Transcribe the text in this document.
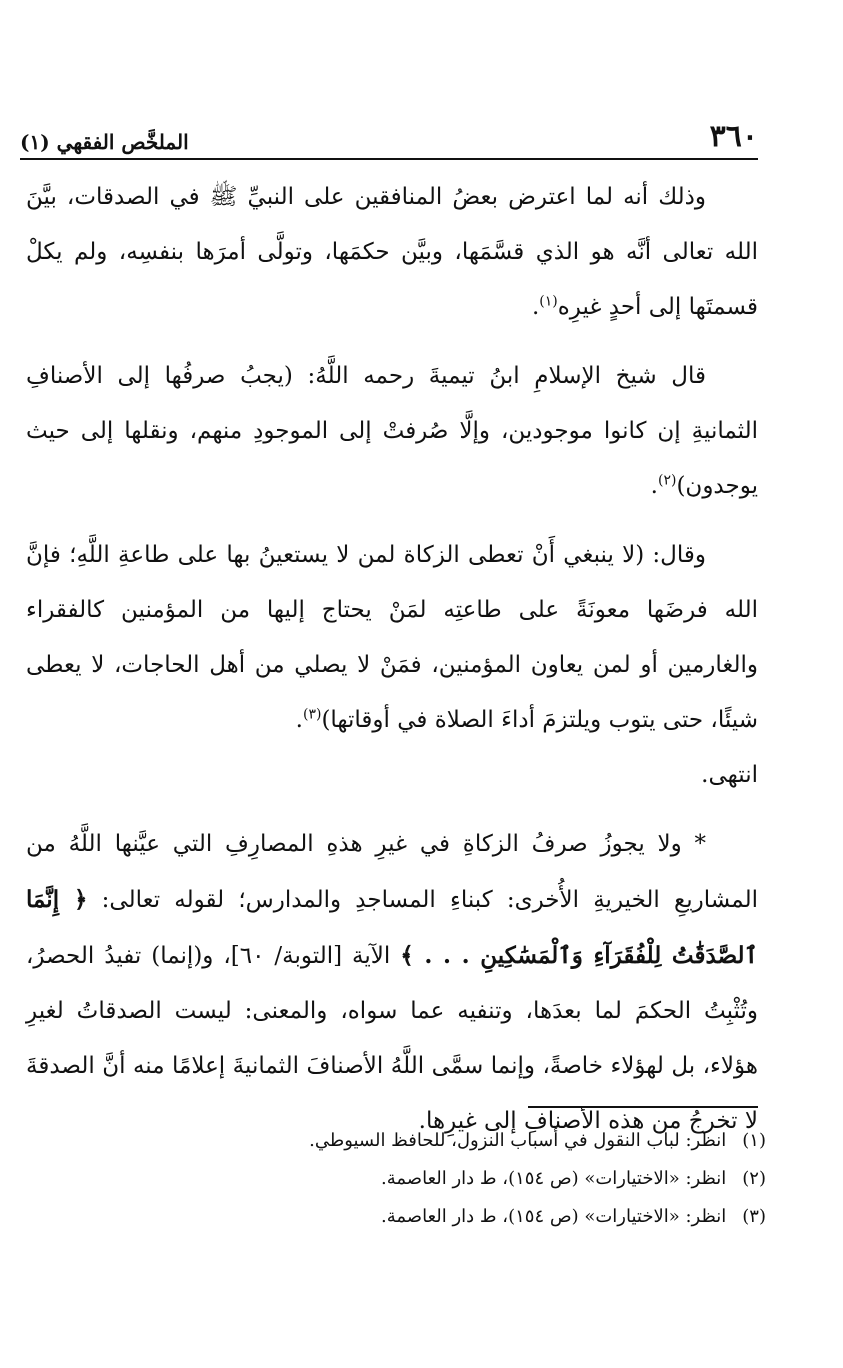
٣٦٠
الملخَّص الفقهي (١)

وذلك أنه لما اعترض بعضُ المنافقين على النبيِّ ﷺ في الصدقات، بيَّنَ الله تعالى أنَّه هو الذي قسَّمَها، وبيَّن حكمَها، وتولَّى أمرَها بنفسِه، ولم يكلْ قسمتَها إلى أحدٍ غيرِه$^{(١)}$.

قال شيخ الإسلامِ ابنُ تيميةَ رحمه اللَّهُ: (يجبُ صرفُها إلى الأصنافِ الثمانيةِ إن كانوا موجودين، وإلَّا صُرفتْ إلى الموجودِ منهم، ونقلها إلى حيث يوجدون)$^{(٢)}$.

وقال: (لا ينبغي أَنْ تعطى الزكاة لمن لا يستعينُ بها على طاعةِ اللَّهِ؛ فإنَّ الله فرضَها معونَةً على طاعتِه لمَنْ يحتاج إليها من المؤمنين كالفقراء والغارمين أو لمن يعاون المؤمنين، فمَنْ لا يصلي من أهل الحاجات، لا يعطى شيئًا، حتى يتوب ويلتزمَ أداءَ الصلاة في أوقاتها)$^{(٣)}$.

انتهى.

* ولا يجوزُ صرفُ الزكاةِ في غيرِ هذهِ المصارِفِ التي عيَّنها اللَّهُ من المشاريعِ الخيريةِ الأُخرى: كبناءِ المساجدِ والمدارس؛ لقوله تعالى: ﴿ إِنَّمَا ٱلصَّدَقَٰتُ لِلْفُقَرَآءِ وَٱلْمَسَٰكِينِ . . . ﴾ الآية [التوبة/ ٦٠]، و(إنما) تفيدُ الحصرُ، وتُثْبِتُ الحكمَ لما بعدَها، وتنفيه عما سواه، والمعنى: ليست الصدقاتُ لغيرِ هؤلاء، بل لهؤلاء خاصةً، وإنما سمَّى اللَّهُ الأصنافَ الثمانيةَ إعلامًا منه أنَّ الصدقةَ لا تخرجُ من هذه الأصنافِ إلى غيرِها.

(١) انظر: لباب النقول في أسباب النزول، للحافظ السيوطي.
(٢) انظر: «الاختيارات» (ص ١٥٤)، ط دار العاصمة.
(٣) انظر: «الاختيارات» (ص ١٥٤)، ط دار العاصمة.
